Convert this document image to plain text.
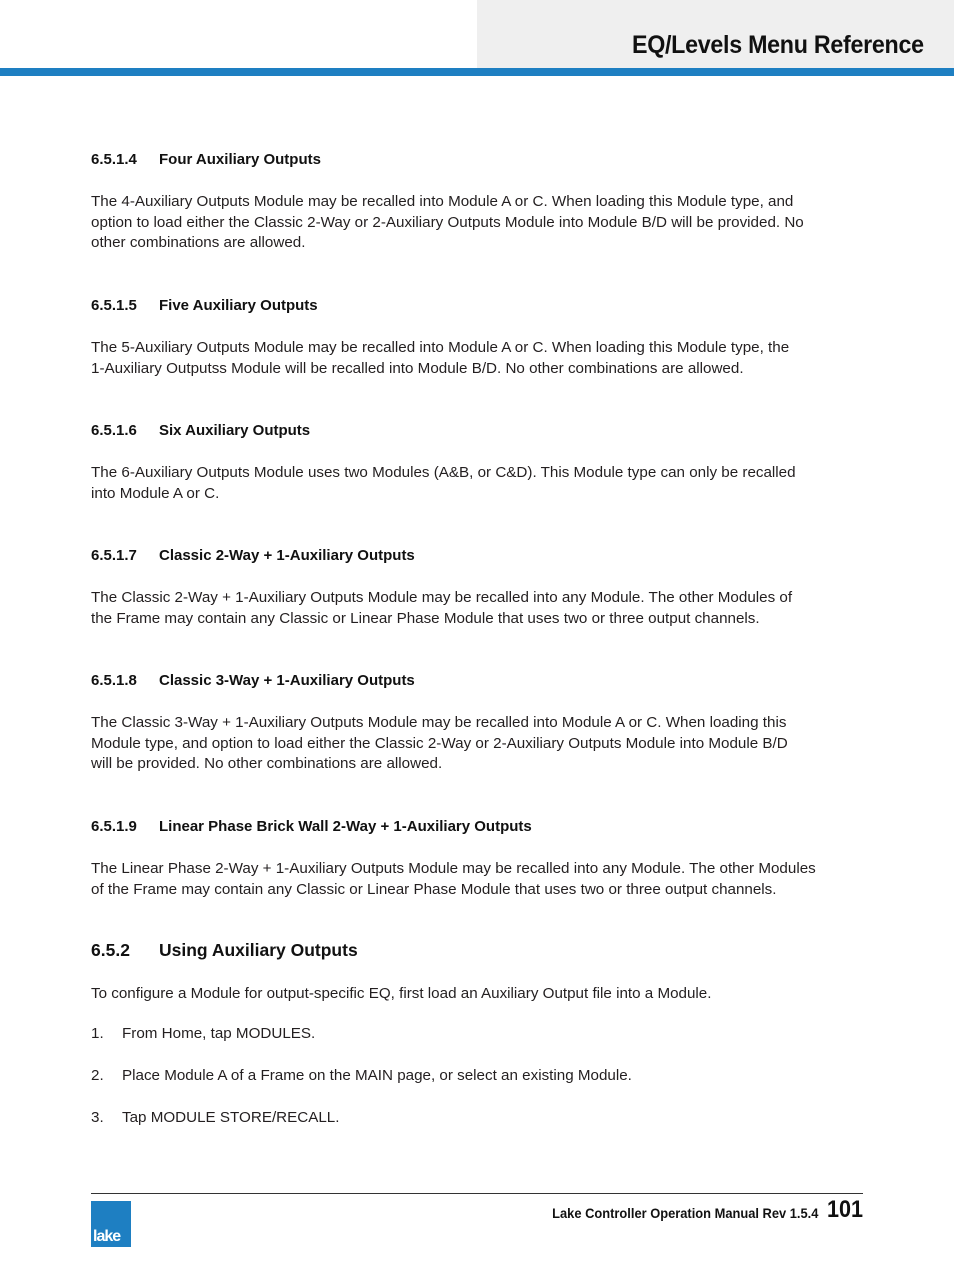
EQ/Levels Menu Reference
6.5.1.4 Four Auxiliary Outputs
The 4-Auxiliary Outputs Module may be recalled into Module A or C. When loading this Module type, and
option to load either the Classic 2-Way or 2-Auxiliary Outputs Module into Module B/D will be provided. No
other combinations are allowed.
6.5.1.5 Five Auxiliary Outputs
The 5-Auxiliary Outputs Module may be recalled into Module A or C. When loading this Module type, the
1-Auxiliary Outputss Module will be recalled into Module B/D. No other combinations are allowed.
6.5.1.6 Six Auxiliary Outputs
The 6-Auxiliary Outputs Module uses two Modules (A&B, or C&D). This Module type can only be recalled
into Module A or C.
6.5.1.7 Classic 2-Way + 1-Auxiliary Outputs
The Classic 2-Way + 1-Auxiliary Outputs Module may be recalled into any Module. The other Modules of
the Frame may contain any Classic or Linear Phase Module that uses two or three output channels.
6.5.1.8 Classic 3-Way + 1-Auxiliary Outputs
The Classic 3-Way + 1-Auxiliary Outputs Module may be recalled into Module A or C. When loading this
Module type, and option to load either the Classic 2-Way or 2-Auxiliary Outputs Module into Module B/D
will be provided. No other combinations are allowed.
6.5.1.9 Linear Phase Brick Wall 2-Way + 1-Auxiliary Outputs
The Linear Phase 2-Way + 1-Auxiliary Outputs Module may be recalled into any Module. The other Modules
of the Frame may contain any Classic or Linear Phase Module that uses two or three output channels.
6.5.2 Using Auxiliary Outputs
To configure a Module for output-specific EQ, first load an Auxiliary Output file into a Module.
1. From Home, tap MODULES.
2. Place Module A of a Frame on the MAIN page, or select an existing Module.
3. Tap MODULE STORE/RECALL.
lake
Lake Controller Operation Manual Rev 1.5.4 101
